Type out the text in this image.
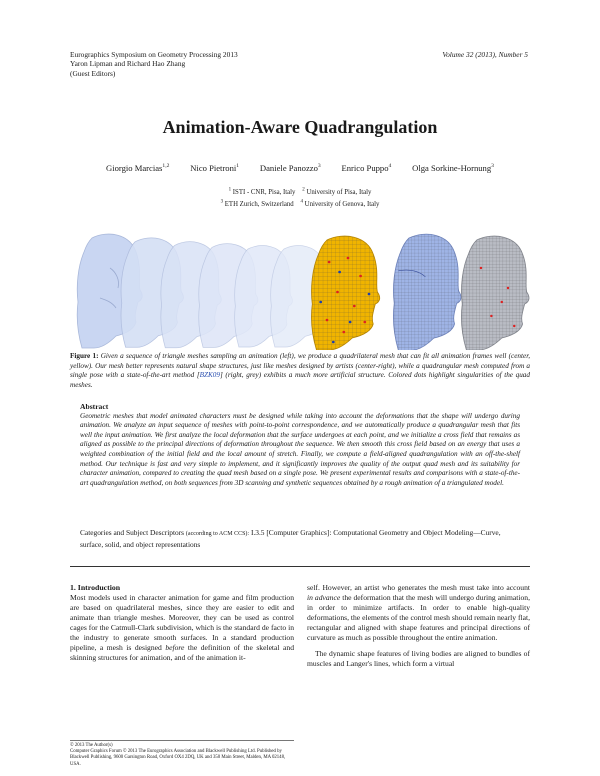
Eurographics Symposium on Geometry Processing 2013
Yaron Lipman and Richard Hao Zhang
(Guest Editors)
Volume 32 (2013), Number 5
Animation-Aware Quadrangulation
Giorgio Marcias$^{1,2}$ Nico Pietroni$^1$ Daniele Panozzo$^3$ Enrico Puppo$^4$ Olga Sorkine-Hornung$^3$
$^1$ ISTI - CNR, Pisa, Italy $^2$ University of Pisa, Italy
$^3$ ETH Zurich, Switzerland $^4$ University of Genova, Italy
Figure 1: Given a sequence of triangle meshes sampling an animation (left), we produce a quadrilateral mesh that can fit all animation frames well (center, yellow). Our mesh better represents natural shape structures, just like meshes designed by artists (center-right), while a quadrangular mesh computed from a single pose with a state-of-the-art method [BZK09] (right, grey) exhibits a much more artificial structure. Colored dots highlight singularities of the quad meshes.
Abstract
Geometric meshes that model animated characters must be designed while taking into account the deformations that the shape will undergo during animation. We analyze an input sequence of meshes with point-to-point correspondence, and we automatically produce a quadrangular mesh that fits well the input animation. We first analyze the local deformation that the surface undergoes at each point, and we initialize a cross field that remains as aligned as possible to the principal directions of deformation throughout the sequence. We then smooth this cross field based on an energy that uses a weighted combination of the initial field and the local amount of stretch. Finally, we compute a field-aligned quadrangulation with an off-the-shelf method. Our technique is fast and very simple to implement, and it significantly improves the quality of the output quad mesh and its suitability for character animation, compared to creating the quad mesh based on a single pose. We present experimental results and comparisons with a state-of-the-art quadrangulation method, on both sequences from 3D scanning and synthetic sequences obtained by a rough animation of a triangulated model.
Categories and Subject Descriptors (according to ACM CCS): I.3.5 [Computer Graphics]: Computational Geometry and Object Modeling—Curve, surface, solid, and object representations
1. Introduction

Most models used in character animation for game and film production are based on quadrilateral meshes, since they are easier to edit and animate than triangle meshes. Moreover, they can be used as control cages for the Catmull-Clark subdivision, which is the standard de facto in the industry to generate smooth surfaces. In a standard production pipeline, a mesh is designed before the definition of the skeletal and skinning structures for animation, and of the animation it-

self. However, an artist who generates the mesh must take into account in advance the deformation that the mesh will undergo during animation, in order to minimize artifacts. In order to enable high-quality deformations, the elements of the control mesh should remain nearly flat, rectangular and aligned with shape features and principal directions of curvature as much as possible throughout the entire animation.

The dynamic shape features of living bodies are aligned to bundles of muscles and Langer's lines, which form a virtual

© 2013 The Author(s)
Computer Graphics Forum © 2013 The Eurographics Association and Blackwell Publishing Ltd. Published by Blackwell Publishing, 9600 Garsington Road, Oxford OX4 2DQ, UK and 350 Main Street, Malden, MA 02148, USA.
